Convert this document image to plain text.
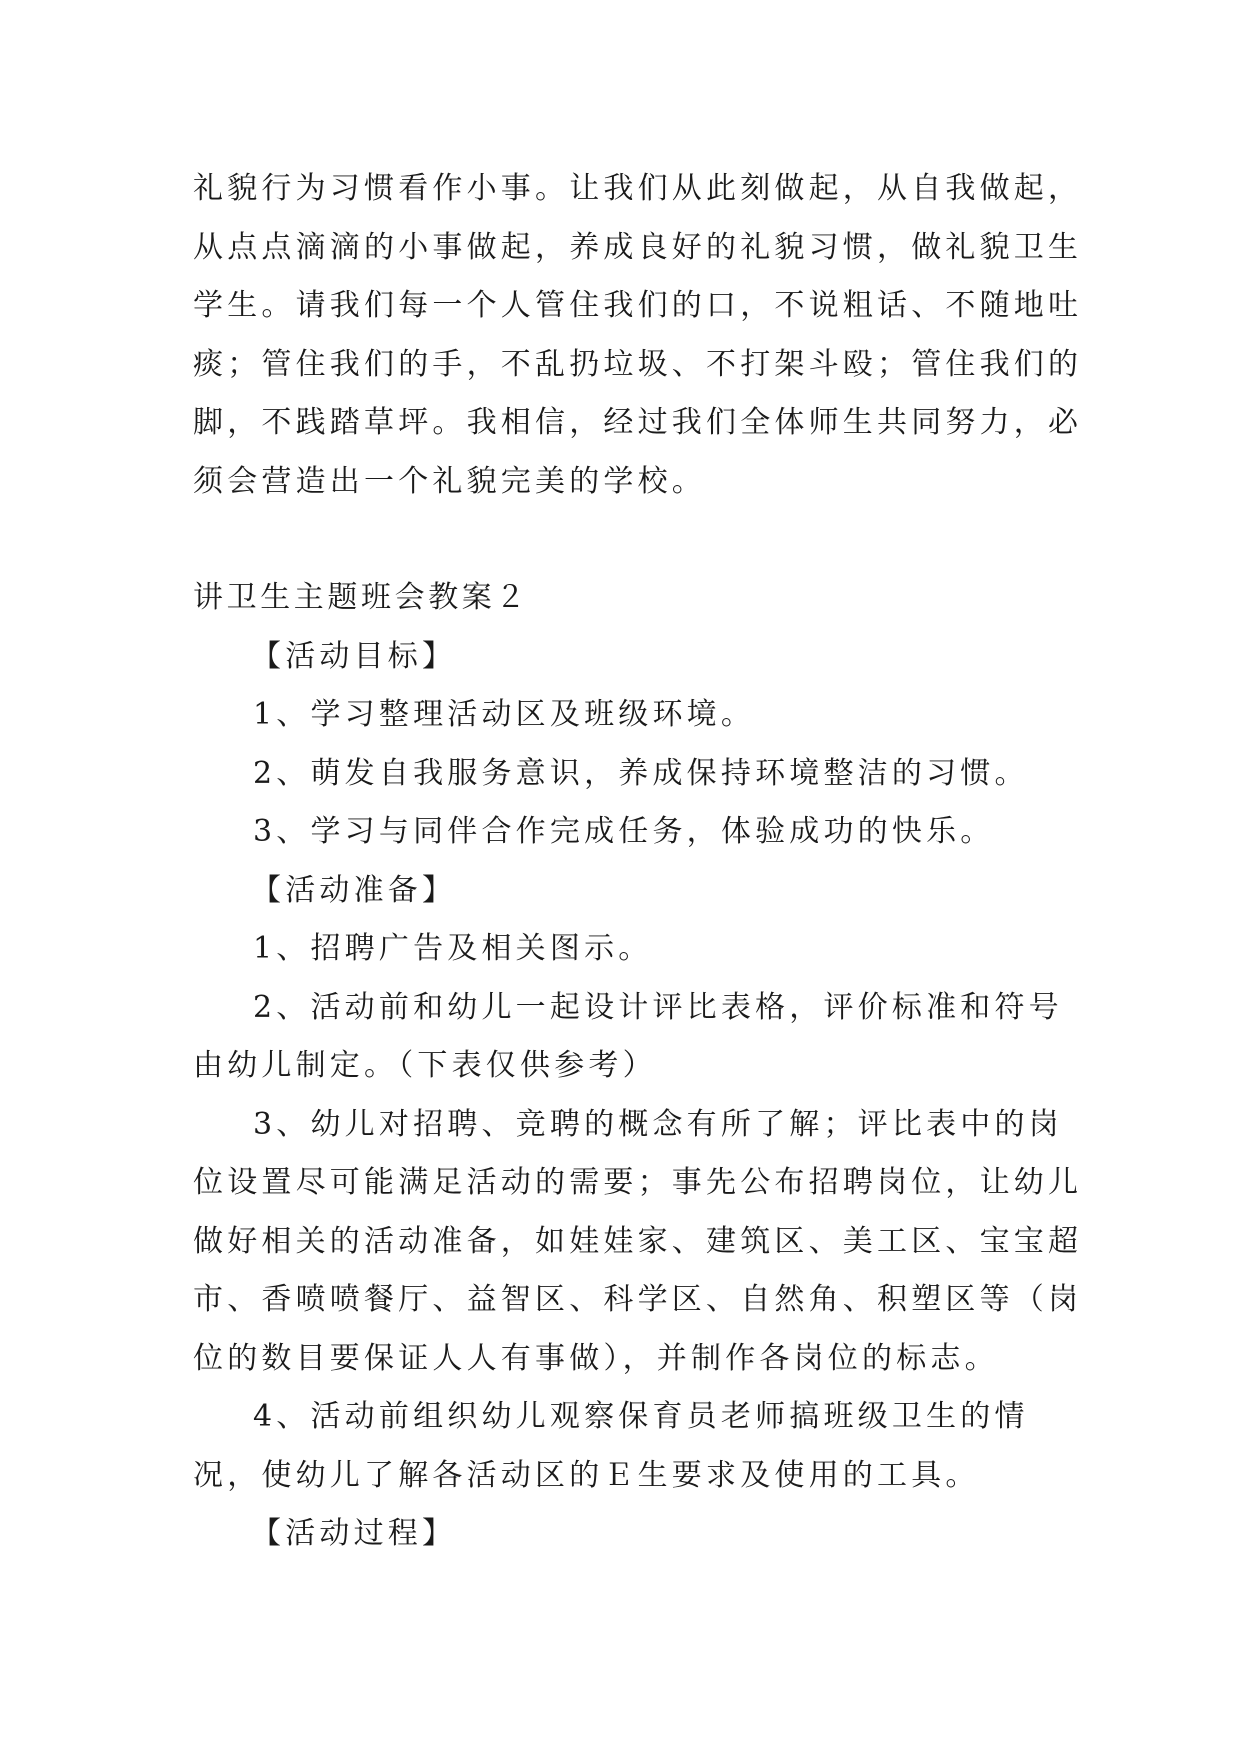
礼貌行为习惯看作小事。让我们从此刻做起，从自我做起，

从点点滴滴的小事做起，养成良好的礼貌习惯，做礼貌卫生

学生。请我们每一个人管住我们的口，不说粗话、不随地吐

痰；管住我们的手，不乱扔垃圾、不打架斗殴；管住我们的

脚，不践踏草坪。我相信，经过我们全体师生共同努力，必

须会营造出一个礼貌完美的学校。

讲卫生主题班会教案２

【活动目标】

1、学习整理活动区及班级环境。

2、萌发自我服务意识，养成保持环境整洁的习惯。

3、学习与同伴合作完成任务，体验成功的快乐。

【活动准备】

1、招聘广告及相关图示。

2、活动前和幼儿一起设计评比表格，评价标准和符号由幼儿制定。（下表仅供参考）

3、幼儿对招聘、竞聘的概念有所了解；评比表中的岗位设置尽可能满足活动的需要；事先公布招聘岗位，让幼儿做好相关的活动准备，如娃娃家、建筑区、美工区、宝宝超市、香喷喷餐厅、益智区、科学区、自然角、积塑区等（岗位的数目要保证人人有事做），并制作各岗位的标志。

4、活动前组织幼儿观察保育员老师搞班级卫生的情况，使幼儿了解各活动区的Ｅ生要求及使用的工具。

【活动过程】
